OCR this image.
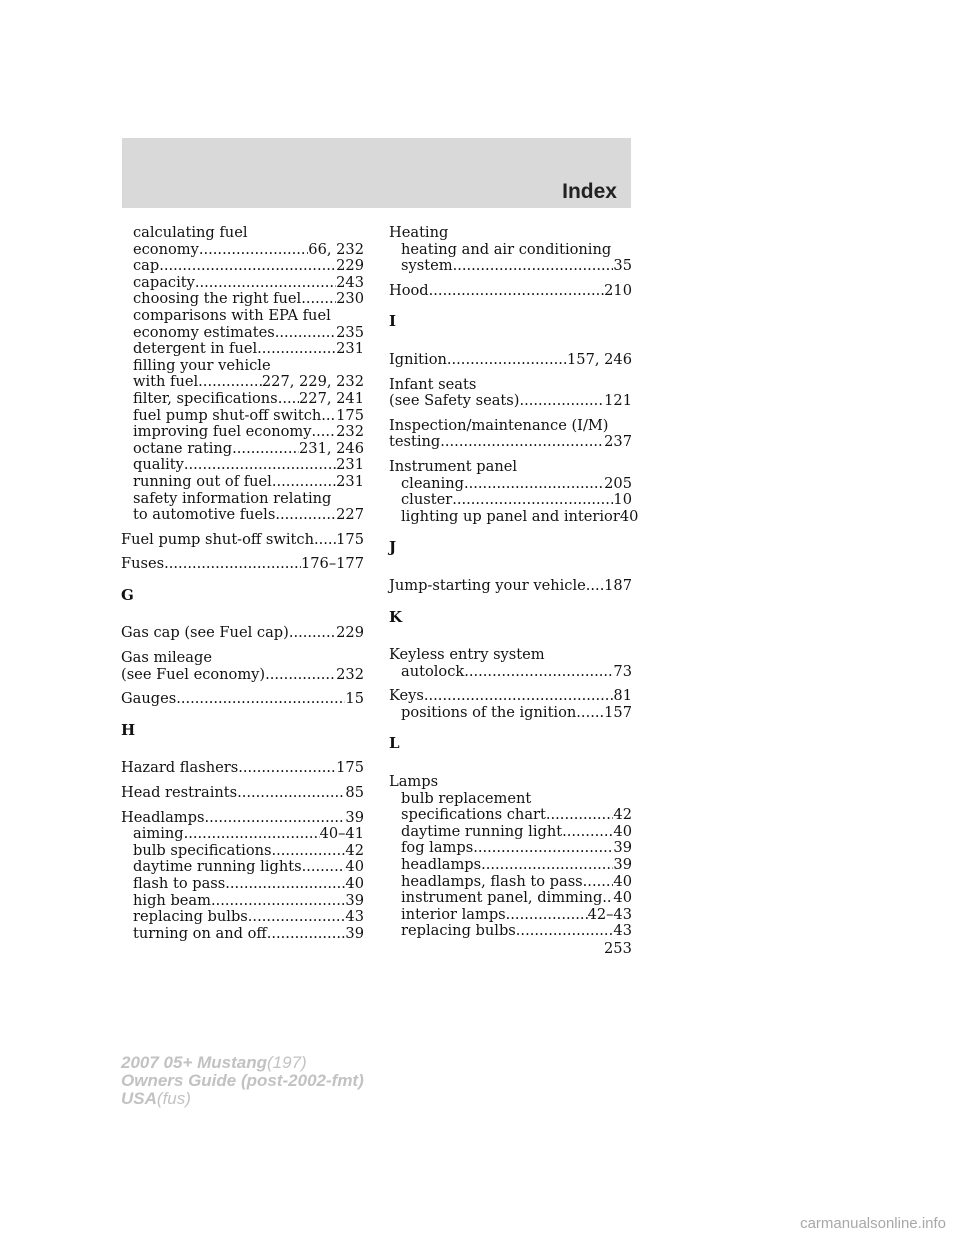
Index
calculating fuel
economy .....	66, 232
cap .....	229
capacity .....	243
choosing the right fuel ..... 230
comparisons with EPA fuel
economy estimates .....	235
detergent in fuel .....	231
filling your vehicle
with fuel .....	227, 229, 232
filter, specifications ..... 227, 241
fuel pump shut-off switch ..... 175
improving fuel economy ..... 232
octane rating .....	231, 246
quality .....	231
running out of fuel .....	231
safety information relating
to automotive fuels .....	227
Fuel pump shut-off switch ..... 175
Fuses .....	176–177
G
Gas cap (see Fuel cap) .....	229
Gas mileage
(see Fuel economy) .....	232
Gauges .....	15
H
Hazard flashers .....	175
Head restraints .....	85
Headlamps .....	39
aiming .....	40–41
bulb specifications .....	42
daytime running lights .....	40
flash to pass .....	40
high beam .....	39
replacing bulbs .....	43
turning on and off .....	39
Heating
heating and air conditioning
system .....	35
Hood .....	210
I
Ignition .....	157, 246
Infant seats
(see Safety seats) .....	121
Inspection/maintenance (I/M)
testing .....	237
Instrument panel
cleaning .....	205
cluster .....	10
lighting up panel and interior 40
J
Jump-starting your vehicle ..... 187
K
Keyless entry system
autolock .....	73
Keys .....	81
positions of the ignition ..... 157
L
Lamps
bulb replacement
specifications chart .....	42
daytime running light .....	40
fog lamps .....	39
headlamps .....	39
headlamps, flash to pass ..... 40
instrument panel, dimming ..... 40
interior lamps .....	42–43
replacing bulbs .....	43
253
2007 05+ Mustang(197)
Owners Guide (post-2002-fmt)
USA(fus)
carmanualsonline.info
